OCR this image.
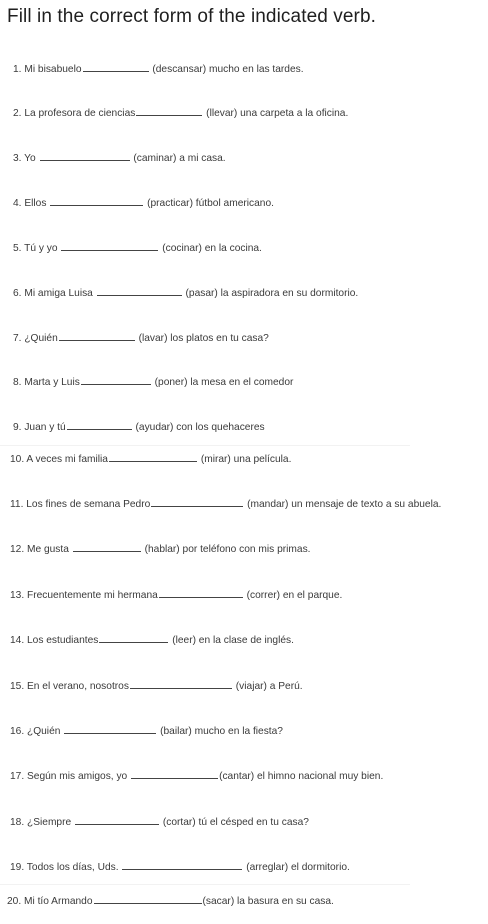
Fill in the correct form of the indicated verb.
1. Mi bisabuelo	(descansar) mucho en las tardes.
2. La profesora de ciencias	(llevar) una carpeta a la oficina.
3. Yo	(caminar) a mi casa.
4. Ellos	(practicar) fútbol americano.
5. Tú y yo	(cocinar) en la cocina.
6. Mi amiga Luisa	(pasar) la aspiradora en su dormitorio.
7. ¿Quién	(lavar) los platos en tu casa?
8. Marta y Luis	(poner) la mesa en el comedor
9. Juan y tú	(ayudar) con los quehaceres
10. A veces mi familia	(mirar) una película.
11. Los fines de semana Pedro	(mandar) un mensaje de texto a su abuela.
12. Me gusta	(hablar) por teléfono con mis primas.
13. Frecuentemente mi hermana	(correr) en el parque.
14. Los estudiantes	(leer) en la clase de inglés.
15. En el verano, nosotros	(viajar) a Perú.
16. ¿Quién	(bailar) mucho en la fiesta?
17. Según mis amigos, yo	(cantar) el himno nacional muy bien.
18. ¿Siempre	(cortar) tú el césped en tu casa?
19. Todos los días, Uds.	(arreglar) el dormitorio.
20. Mi tío Armando	(sacar) la basura en su casa.
